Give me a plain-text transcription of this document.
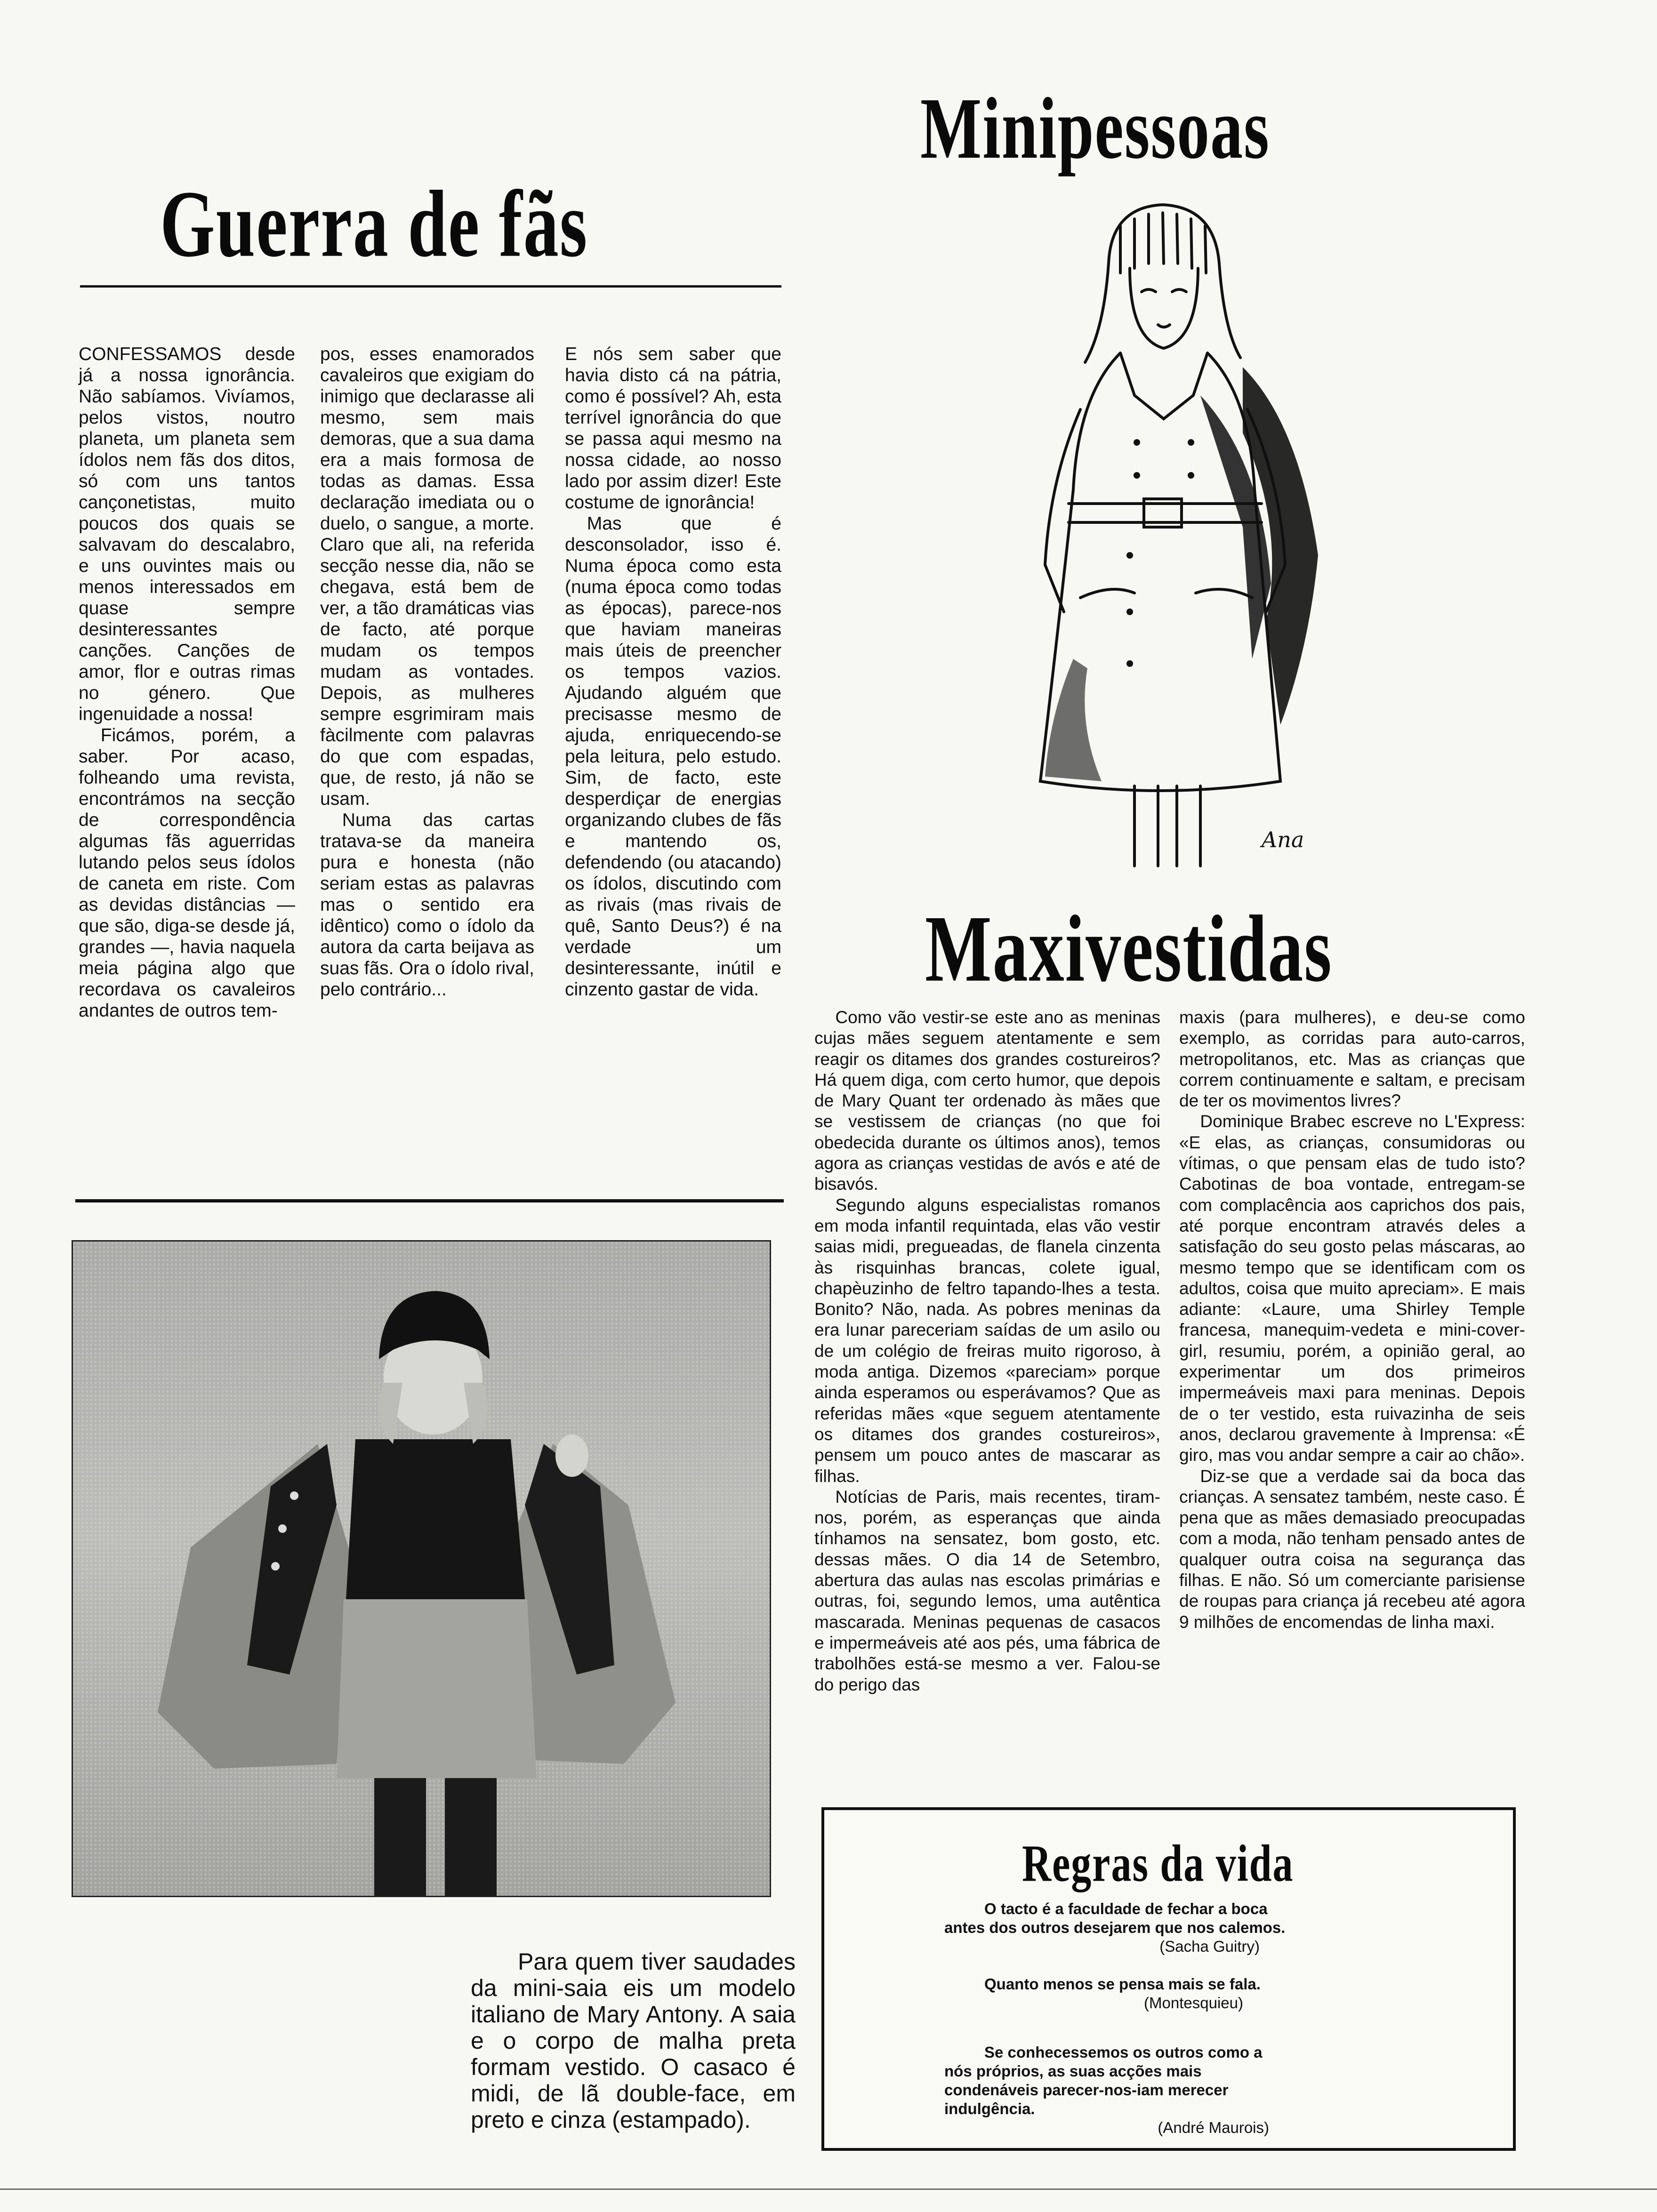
Guerra de fãs

CONFESSAMOS desde já a nossa ignorância. Não sabíamos. Vivíamos, pelos vistos, noutro planeta, um planeta sem ídolos nem fãs dos ditos, só com uns tantos cançonetistas, muito poucos dos quais se salvavam do descalabro, e uns ouvintes mais ou menos interessados em quase sempre desinteressantes canções. Canções de amor, flor e outras rimas no género. Que ingenuidade a nossa!

Ficámos, porém, a saber. Por acaso, folheando uma revista, encontrámos na secção de correspondência algumas fãs aguerridas lutando pelos seus ídolos de caneta em riste. Com as devidas distâncias — que são, diga-se desde já, grandes —, havia naquela meia página algo que recordava os cavaleiros andantes de outros tem-

pos, esses enamorados cavaleiros que exigiam do inimigo que declarasse ali mesmo, sem mais demoras, que a sua dama era a mais formosa de todas as damas. Essa declaração imediata ou o duelo, o sangue, a morte. Claro que ali, na referida secção nesse dia, não se chegava, está bem de ver, a tão dramáticas vias de facto, até porque mudam os tempos mudam as vontades. Depois, as mulheres sempre esgrimiram mais fàcilmente com palavras do que com espadas, que, de resto, já não se usam.

Numa das cartas tratava-se da maneira pura e honesta (não seriam estas as palavras mas o sentido era idêntico) como o ídolo da autora da carta beijava as suas fãs. Ora o ídolo rival, pelo contrário...

E nós sem saber que havia disto cá na pátria, como é possível? Ah, esta terrível ignorância do que se passa aqui mesmo na nossa cidade, ao nosso lado por assim dizer! Este costume de ignorância!

Mas que é desconsolador, isso é. Numa época como esta (numa época como todas as épocas), parece-nos que haviam maneiras mais úteis de preencher os tempos vazios. Ajudando alguém que precisasse mesmo de ajuda, enriquecendo-se pela leitura, pelo estudo. Sim, de facto, este desperdiçar de energias organizando clubes de fãs e mantendo os, defendendo (ou atacando) os ídolos, discutindo com as rivais (mas rivais de quê, Santo Deus?) é na verdade um desinteressante, inútil e cinzento gastar de vida.

Para quem tiver saudades da mini-saia eis um modelo italiano de Mary Antony. A saia e o corpo de malha preta formam vestido. O casaco é midi, de lã double-face, em preto e cinza (estampado).
Minipessoas
Ana
Maxivestidas

Como vão vestir-se este ano as meninas cujas mães seguem atentamente e sem reagir os ditames dos grandes costureiros? Há quem diga, com certo humor, que depois de Mary Quant ter ordenado às mães que se vestissem de crianças (no que foi obedecida durante os últimos anos), temos agora as crianças vestidas de avós e até de bisavós.

Segundo alguns especialistas romanos em moda infantil requintada, elas vão vestir saias midi, pregueadas, de flanela cinzenta às risquinhas brancas, colete igual, chapèuzinho de feltro tapando-lhes a testa. Bonito? Não, nada. As pobres meninas da era lunar pareceriam saídas de um asilo ou de um colégio de freiras muito rigoroso, à moda antiga. Dizemos «pareciam» porque ainda esperamos ou esperávamos? Que as referidas mães «que seguem atentamente os ditames dos grandes costureiros», pensem um pouco antes de mascarar as filhas.

Notícias de Paris, mais recentes, tiram-nos, porém, as esperanças que ainda tínhamos na sensatez, bom gosto, etc. dessas mães. O dia 14 de Setembro, abertura das aulas nas escolas primárias e outras, foi, segundo lemos, uma autêntica mascarada. Meninas pequenas de casacos e impermeáveis até aos pés, uma fábrica de trabolhões está-se mesmo a ver. Falou-se do perigo das

maxis (para mulheres), e deu-se como exemplo, as corridas para auto-carros, metropolitanos, etc. Mas as crianças que correm continuamente e saltam, e precisam de ter os movimentos livres?

Dominique Brabec escreve no L'Express: «E elas, as crianças, consumidoras ou vítimas, o que pensam elas de tudo isto? Cabotinas de boa vontade, entregam-se com complacência aos caprichos dos pais, até porque encontram através deles a satisfação do seu gosto pelas máscaras, ao mesmo tempo que se identificam com os adultos, coisa que muito apreciam». E mais adiante: «Laure, uma Shirley Temple francesa, manequim-vedeta e mini-cover-girl, resumiu, porém, a opinião geral, ao experimentar um dos primeiros impermeáveis maxi para meninas. Depois de o ter vestido, esta ruivazinha de seis anos, declarou gravemente à Imprensa: «É giro, mas vou andar sempre a cair ao chão».

Diz-se que a verdade sai da boca das crianças. A sensatez também, neste caso. É pena que as mães demasiado preocupadas com a moda, não tenham pensado antes de qualquer outra coisa na segurança das filhas. E não. Só um comerciante parisiense de roupas para criança já recebeu até agora 9 milhões de encomendas de linha maxi.

Regras da vida
O tacto é a faculdade de fechar a boca antes dos outros desejarem que nos calemos.
(Sacha Guitry)
Quanto menos se pensa mais se fala.
(Montesquieu)
Se conhecessemos os outros como a nós próprios, as suas acções mais condenáveis parecer-nos-iam merecer indulgência.
(André Maurois)
